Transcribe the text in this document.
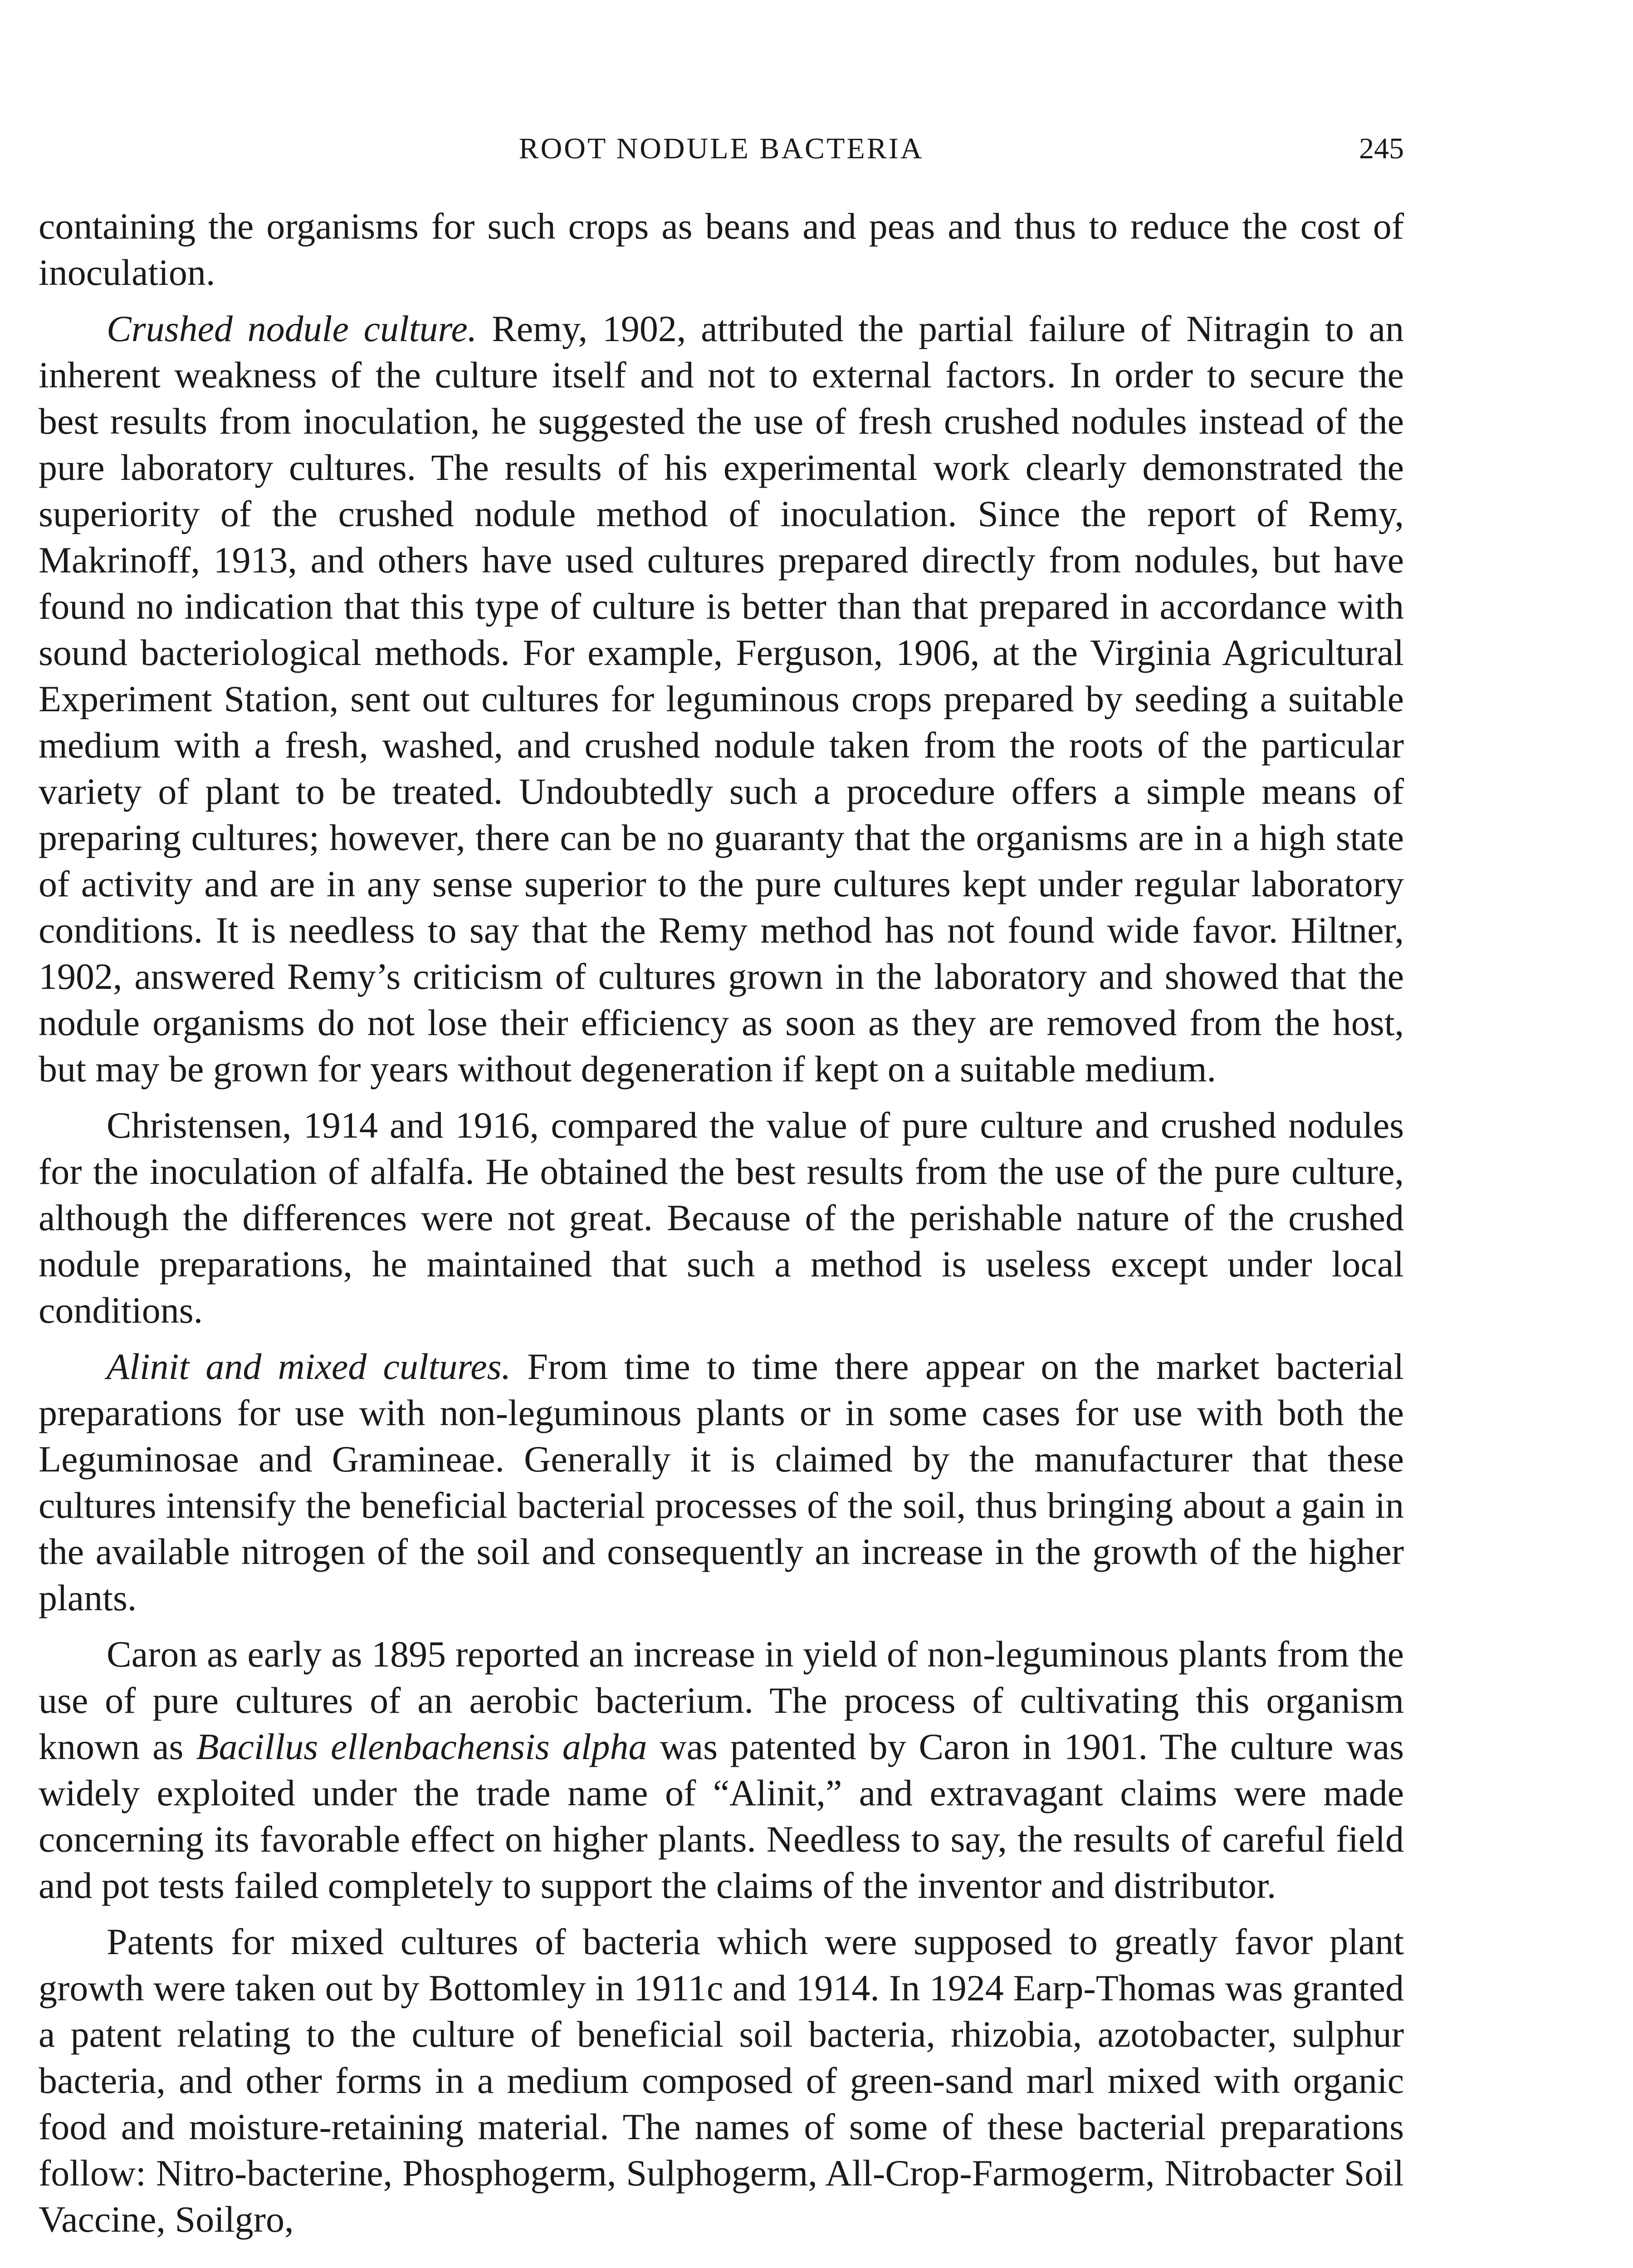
ROOT NODULE BACTERIA	245

containing the organisms for such crops as beans and peas and thus to reduce the cost of inoculation.

Crushed nodule culture. Remy, 1902, attributed the partial failure of Nitragin to an inherent weakness of the culture itself and not to external factors. In order to secure the best results from inoculation, he suggested the use of fresh crushed nodules instead of the pure laboratory cultures. The results of his experimental work clearly demonstrated the superiority of the crushed nodule method of inoculation. Since the report of Remy, Makrinoff, 1913, and others have used cultures prepared directly from nodules, but have found no indication that this type of culture is better than that prepared in accordance with sound bacteriological methods. For example, Ferguson, 1906, at the Virginia Agricultural Experiment Station, sent out cultures for leguminous crops prepared by seeding a suitable medium with a fresh, washed, and crushed nodule taken from the roots of the particular variety of plant to be treated. Undoubtedly such a procedure offers a simple means of preparing cultures; however, there can be no guaranty that the organisms are in a high state of activity and are in any sense superior to the pure cultures kept under regular laboratory conditions. It is needless to say that the Remy method has not found wide favor. Hiltner, 1902, answered Remy’s criticism of cultures grown in the laboratory and showed that the nodule organisms do not lose their efficiency as soon as they are removed from the host, but may be grown for years without degeneration if kept on a suitable medium.

Christensen, 1914 and 1916, compared the value of pure culture and crushed nodules for the inoculation of alfalfa. He obtained the best results from the use of the pure culture, although the differences were not great. Because of the perishable nature of the crushed nodule preparations, he maintained that such a method is useless except under local conditions.

Alinit and mixed cultures. From time to time there appear on the market bacterial preparations for use with non-leguminous plants or in some cases for use with both the Leguminosae and Gramineae. Generally it is claimed by the manufacturer that these cultures intensify the beneficial bacterial processes of the soil, thus bringing about a gain in the available nitrogen of the soil and consequently an increase in the growth of the higher plants.

Caron as early as 1895 reported an increase in yield of non-leguminous plants from the use of pure cultures of an aerobic bacterium. The process of cultivating this organism known as Bacillus ellenbachensis alpha was patented by Caron in 1901. The culture was widely exploited under the trade name of “Alinit,” and extravagant claims were made concerning its favorable effect on higher plants. Needless to say, the results of careful field and pot tests failed completely to support the claims of the inventor and distributor.

Patents for mixed cultures of bacteria which were supposed to greatly favor plant growth were taken out by Bottomley in 1911c and 1914. In 1924 Earp-Thomas was granted a patent relating to the culture of beneficial soil bacteria, rhizobia, azotobacter, sulphur bacteria, and other forms in a medium composed of green-sand marl mixed with organic food and moisture-retaining material. The names of some of these bacterial preparations follow: Nitro-bacterine, Phosphogerm, Sulphogerm, All-Crop-Farmogerm, Nitrobacter Soil Vaccine, Soilgro,
